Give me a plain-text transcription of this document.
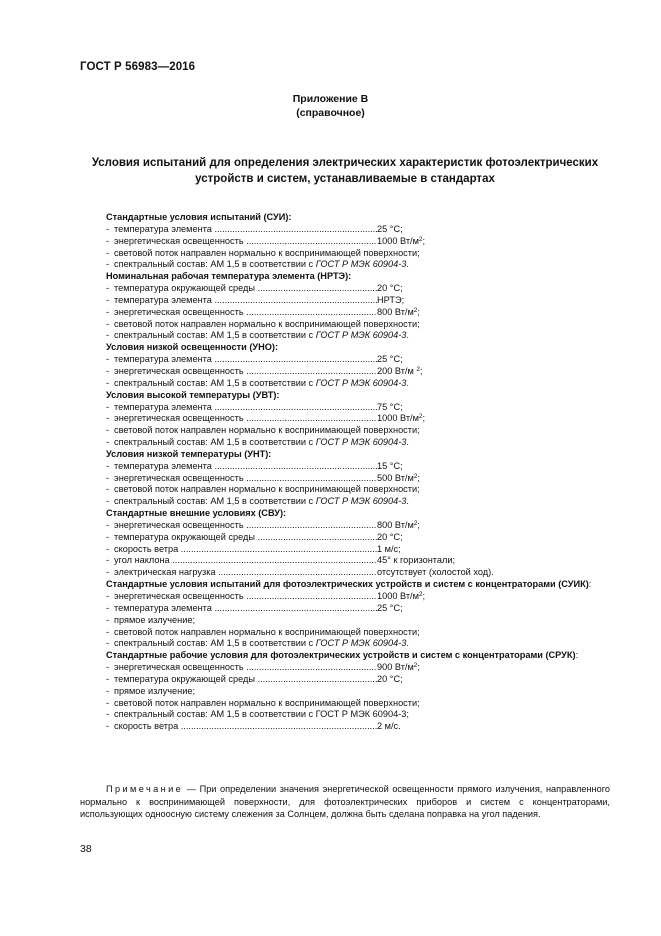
ГОСТ Р 56983—2016
Приложение В
(справочное)
Условия испытаний для определения электрических характеристик фотоэлектрических устройств и систем, устанавливаемые в стандартах
Стандартные условия испытаний (СУИ):
- температура элемента .....	25 °С;
- энергетическая освещенность .....	1000 $Вт/м^2$;
- световой поток направлен нормально к воспринимающей поверхности;
- спектральный состав: АМ 1,5 в соответствии с ГОСТ Р МЭК 60904-3.
Номинальная рабочая температура элемента (НРТЭ):
- температура окружающей среды .....	20 °С;
- температура элемента .....	НРТЭ;
- энергетическая освещенность .....	800 $Вт/м^2$;
- световой поток направлен нормально к воспринимающей поверхности;
- спектральный состав: АМ 1,5 в соответствии с ГОСТ Р МЭК 60904-3.
Условия низкой освещенности (УНО):
- температура элемента .....	25 °С;
- энергетическая освещенность .....	200 Вт/м $^2$;
- спектральный состав: АМ 1,5 в соответствии с ГОСТ Р МЭК 60904-3.
Условия высокой температуры (УВТ):
- температура элемента .....	75 °С;
- энергетическая освещенность .....	1000 $Вт/м^2$;
- световой поток направлен нормально к воспринимающей поверхности;
- спектральный состав: АМ 1,5 в соответствии с ГОСТ Р МЭК 60904-3.
Условия низкой температуры (УНТ):
- температура элемента .....	15 °С;
- энергетическая освещенность .....	500 $Вт/м^2$;
- световой поток направлен нормально к воспринимающей поверхности;
- спектральный состав: АМ 1,5 в соответствии с ГОСТ Р МЭК 60904-3.
Стандартные внешние условиях (СВУ):
- энергетическая освещенность .....	800 $Вт/м^2$;
- температура окружающей среды .....	20 °С;
- скорость ветра .....	1 м/с;
- угол наклона .....	45° к горизонтали;
- электрическая нагрузка .....	отсутствует (холостой ход).
Стандартные условия испытаний для фотоэлектрических устройств и систем с концентраторами (СУИК):
- энергетическая освещенность .....	1000 $Вт/м^2$;
- температура элемента .....	25 °С;
- прямое излучение;
- световой поток направлен нормально к воспринимающей поверхности;
- спектральный состав: АМ 1,5 в соответствии с ГОСТ Р МЭК 60904-3.
Стандартные рабочие условия для фотоэлектрических устройств и систем с концентраторами (СРУК):
- энергетическая освещенность .....	900 $Вт/м^2$;
- температура окружающей среды .....	20 °С;
- прямое излучение;
- световой поток направлен нормально к воспринимающей поверхности;
- спектральный состав: АМ 1,5 в соответствии с ГОСТ Р МЭК 60904-3;
- скорость ветра .....	2 м/с.
Примечание — При определении значения энергетической освещенности прямого излучения, направленного нормально к воспринимающей поверхности, для фотоэлектрических приборов и систем с концентраторами, использующих одноосную систему слежения за Солнцем, должна быть сделана поправка на угол падения.
38
